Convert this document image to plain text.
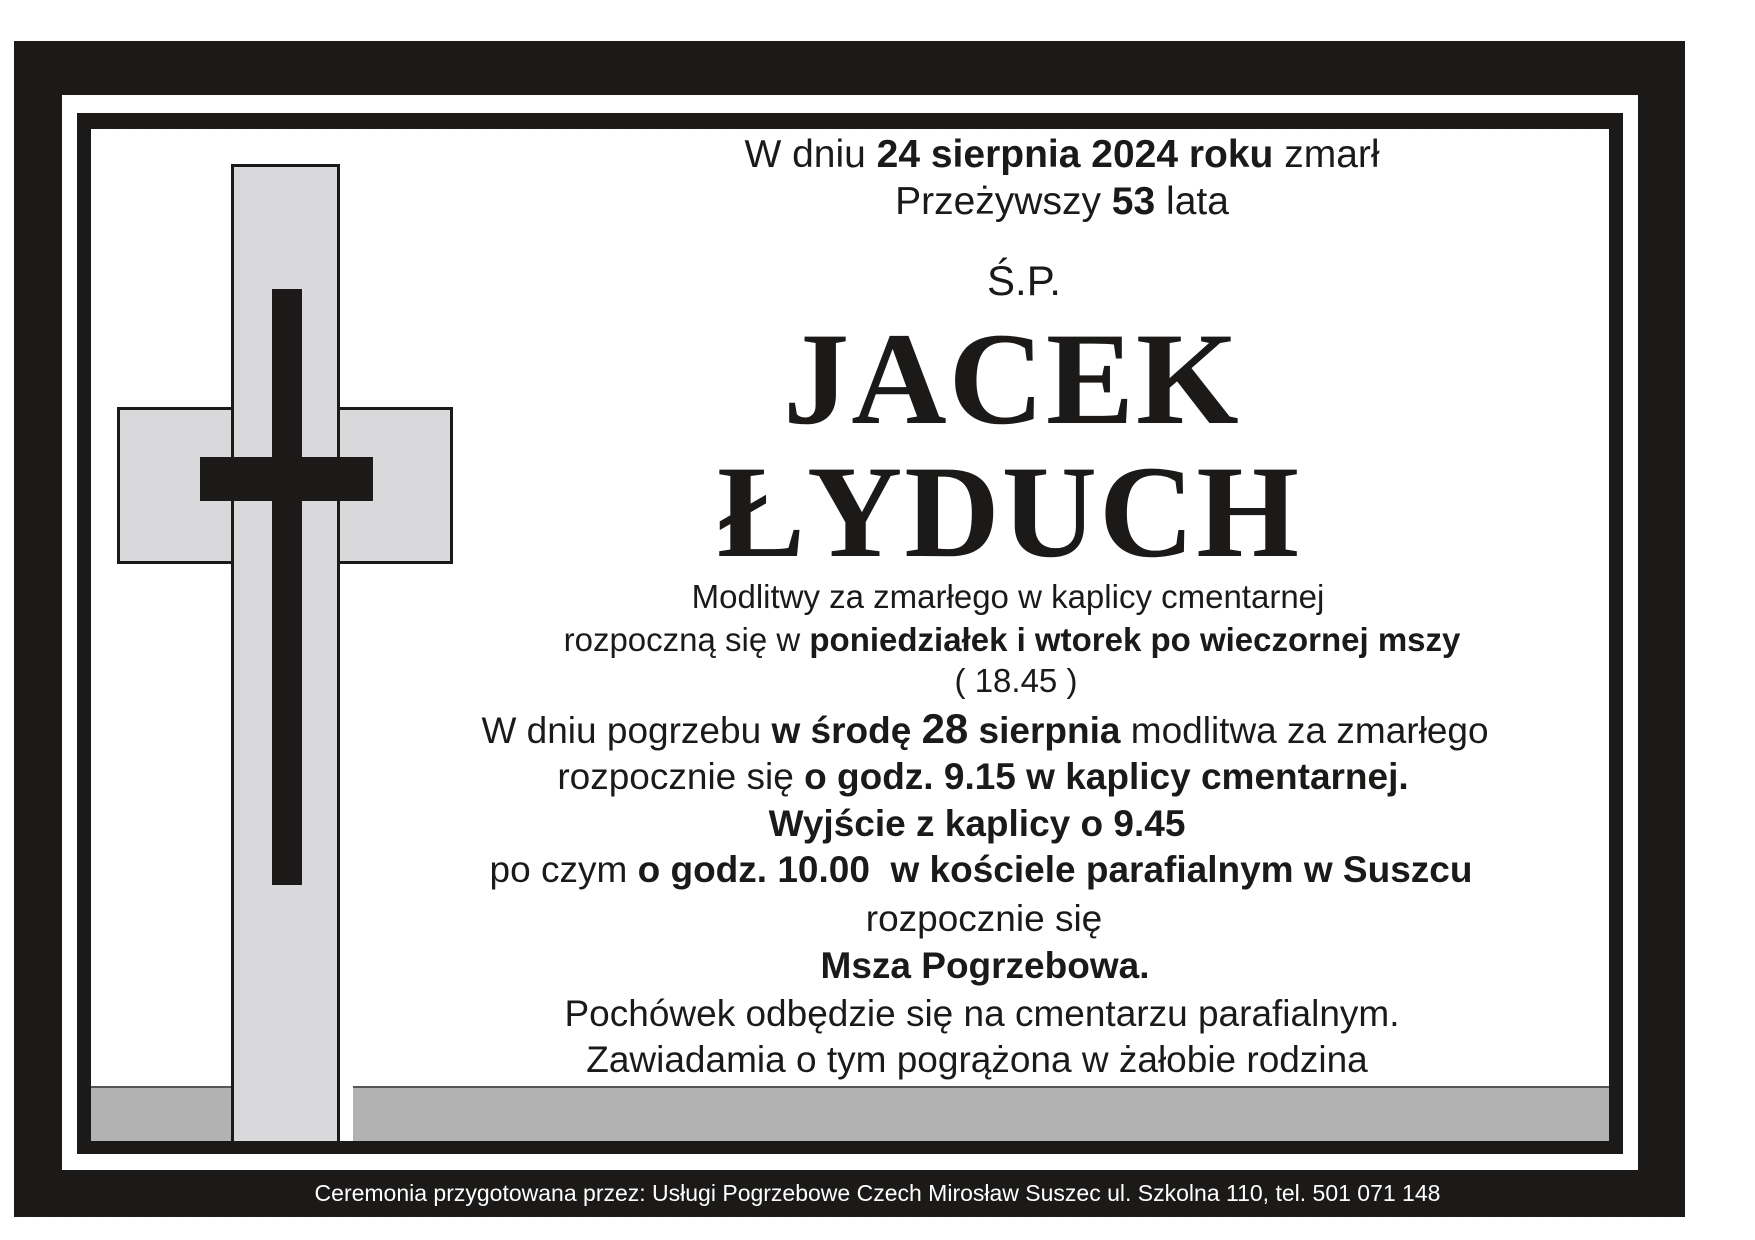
W dniu 24 sierpnia 2024 roku zmarł
Przeżywszy 53 lata
Ś.P.
JACEK
ŁYDUCH
Modlitwy za zmarłego w kaplicy cmentarnej
rozpoczną się w poniedziałek i wtorek po wieczornej mszy
( 18.45 )
W dniu pogrzebu w środę 28 sierpnia modlitwa za zmarłego
rozpocznie się o godz. 9.15 w kaplicy cmentarnej.
Wyjście z kaplicy o 9.45
po czym o godz. 10.00 w kościele parafialnym w Suszcu
rozpocznie się
Msza Pogrzebowa.
Pochówek odbędzie się na cmentarzu parafialnym.
Zawiadamia o tym pogrążona w żałobie rodzina
Ceremonia przygotowana przez: Usługi Pogrzebowe Czech Mirosław Suszec ul. Szkolna 110, tel. 501 071 148
